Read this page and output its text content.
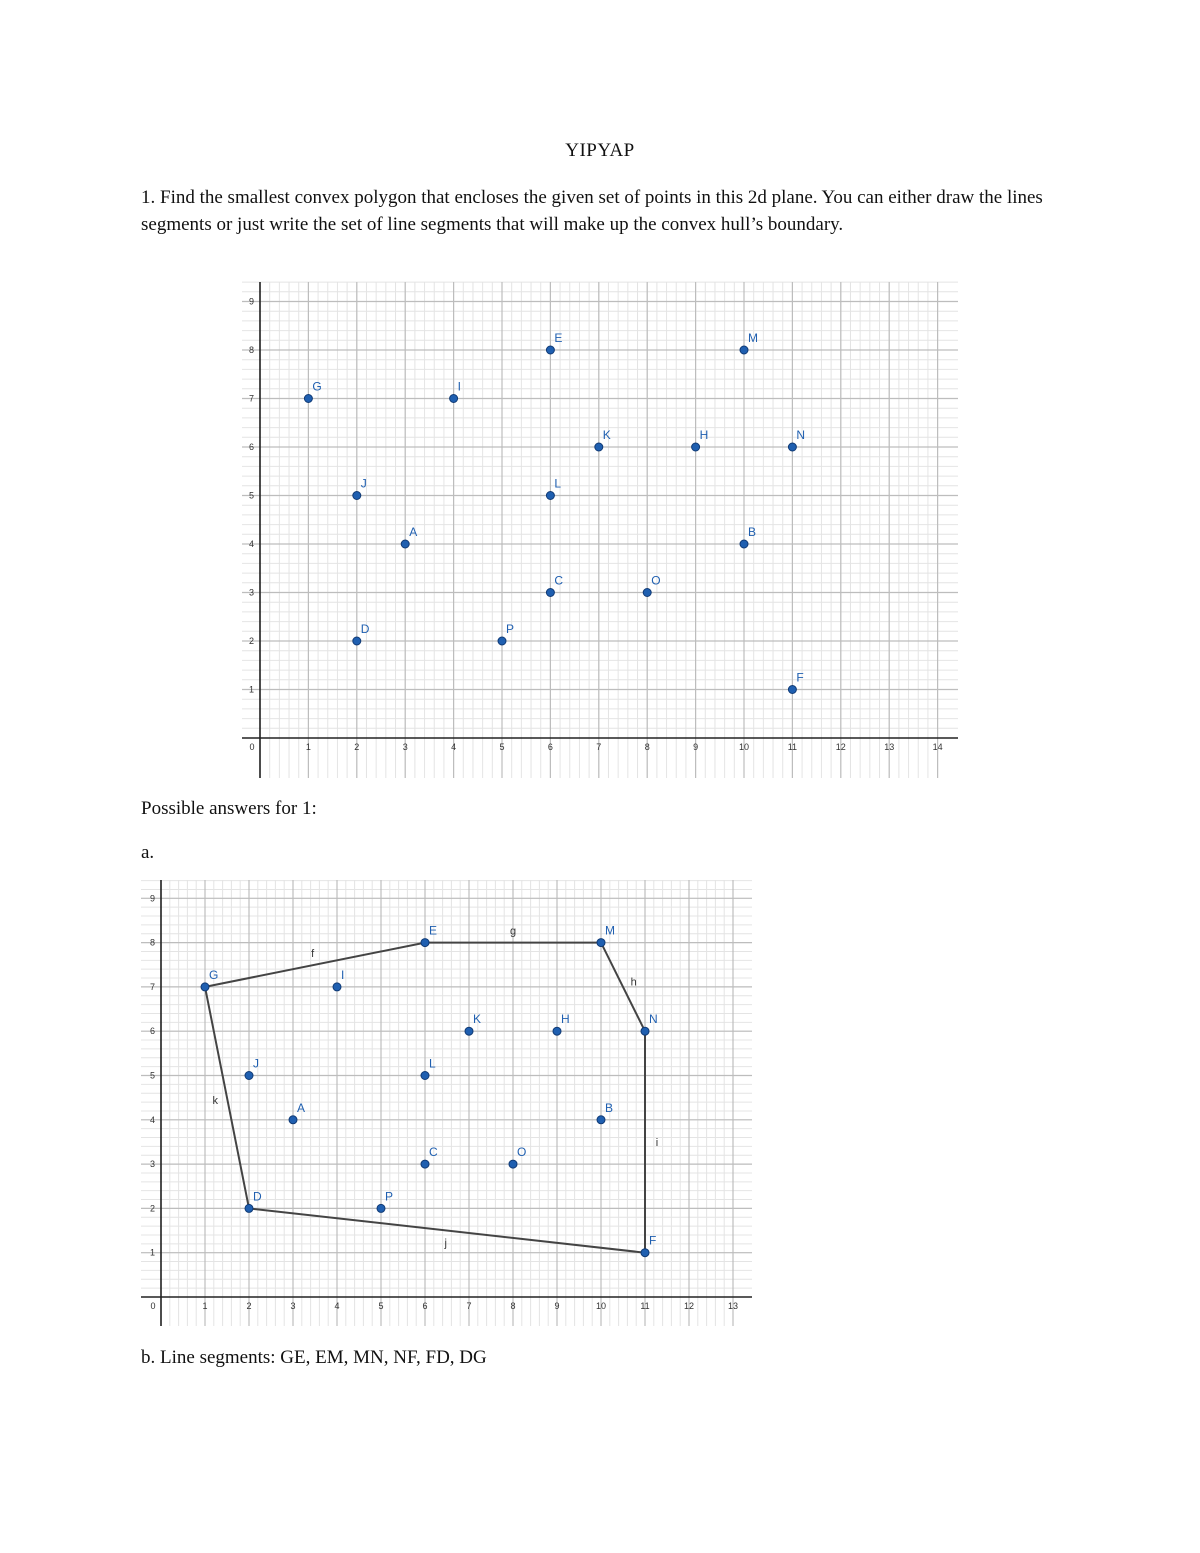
YIPYAP
1. Find the smallest convex polygon that encloses the given set of points in this 2d plane. You can either draw the lines segments or just write the set of line segments that will make up the convex hull’s boundary.
0	1	2	3	4	5	6	7	8	9	10	11	12	13	14
1
2
3
4
5
6
7
8
9
G	I
E	M
K	H	N
J	L
A	B
C	O
D	P
F
Possible answers for 1:
a.
0	1	2	3	4	5	6	7	8	9	10	11	12	13
1
2
3
4
5
6
7
8
9
f
g
h
i
j
k
G	I
E	M
K	H	N
J	L
A	B
C	O
D	P
F
b. Line segments: GE, EM, MN, NF, FD, DG
